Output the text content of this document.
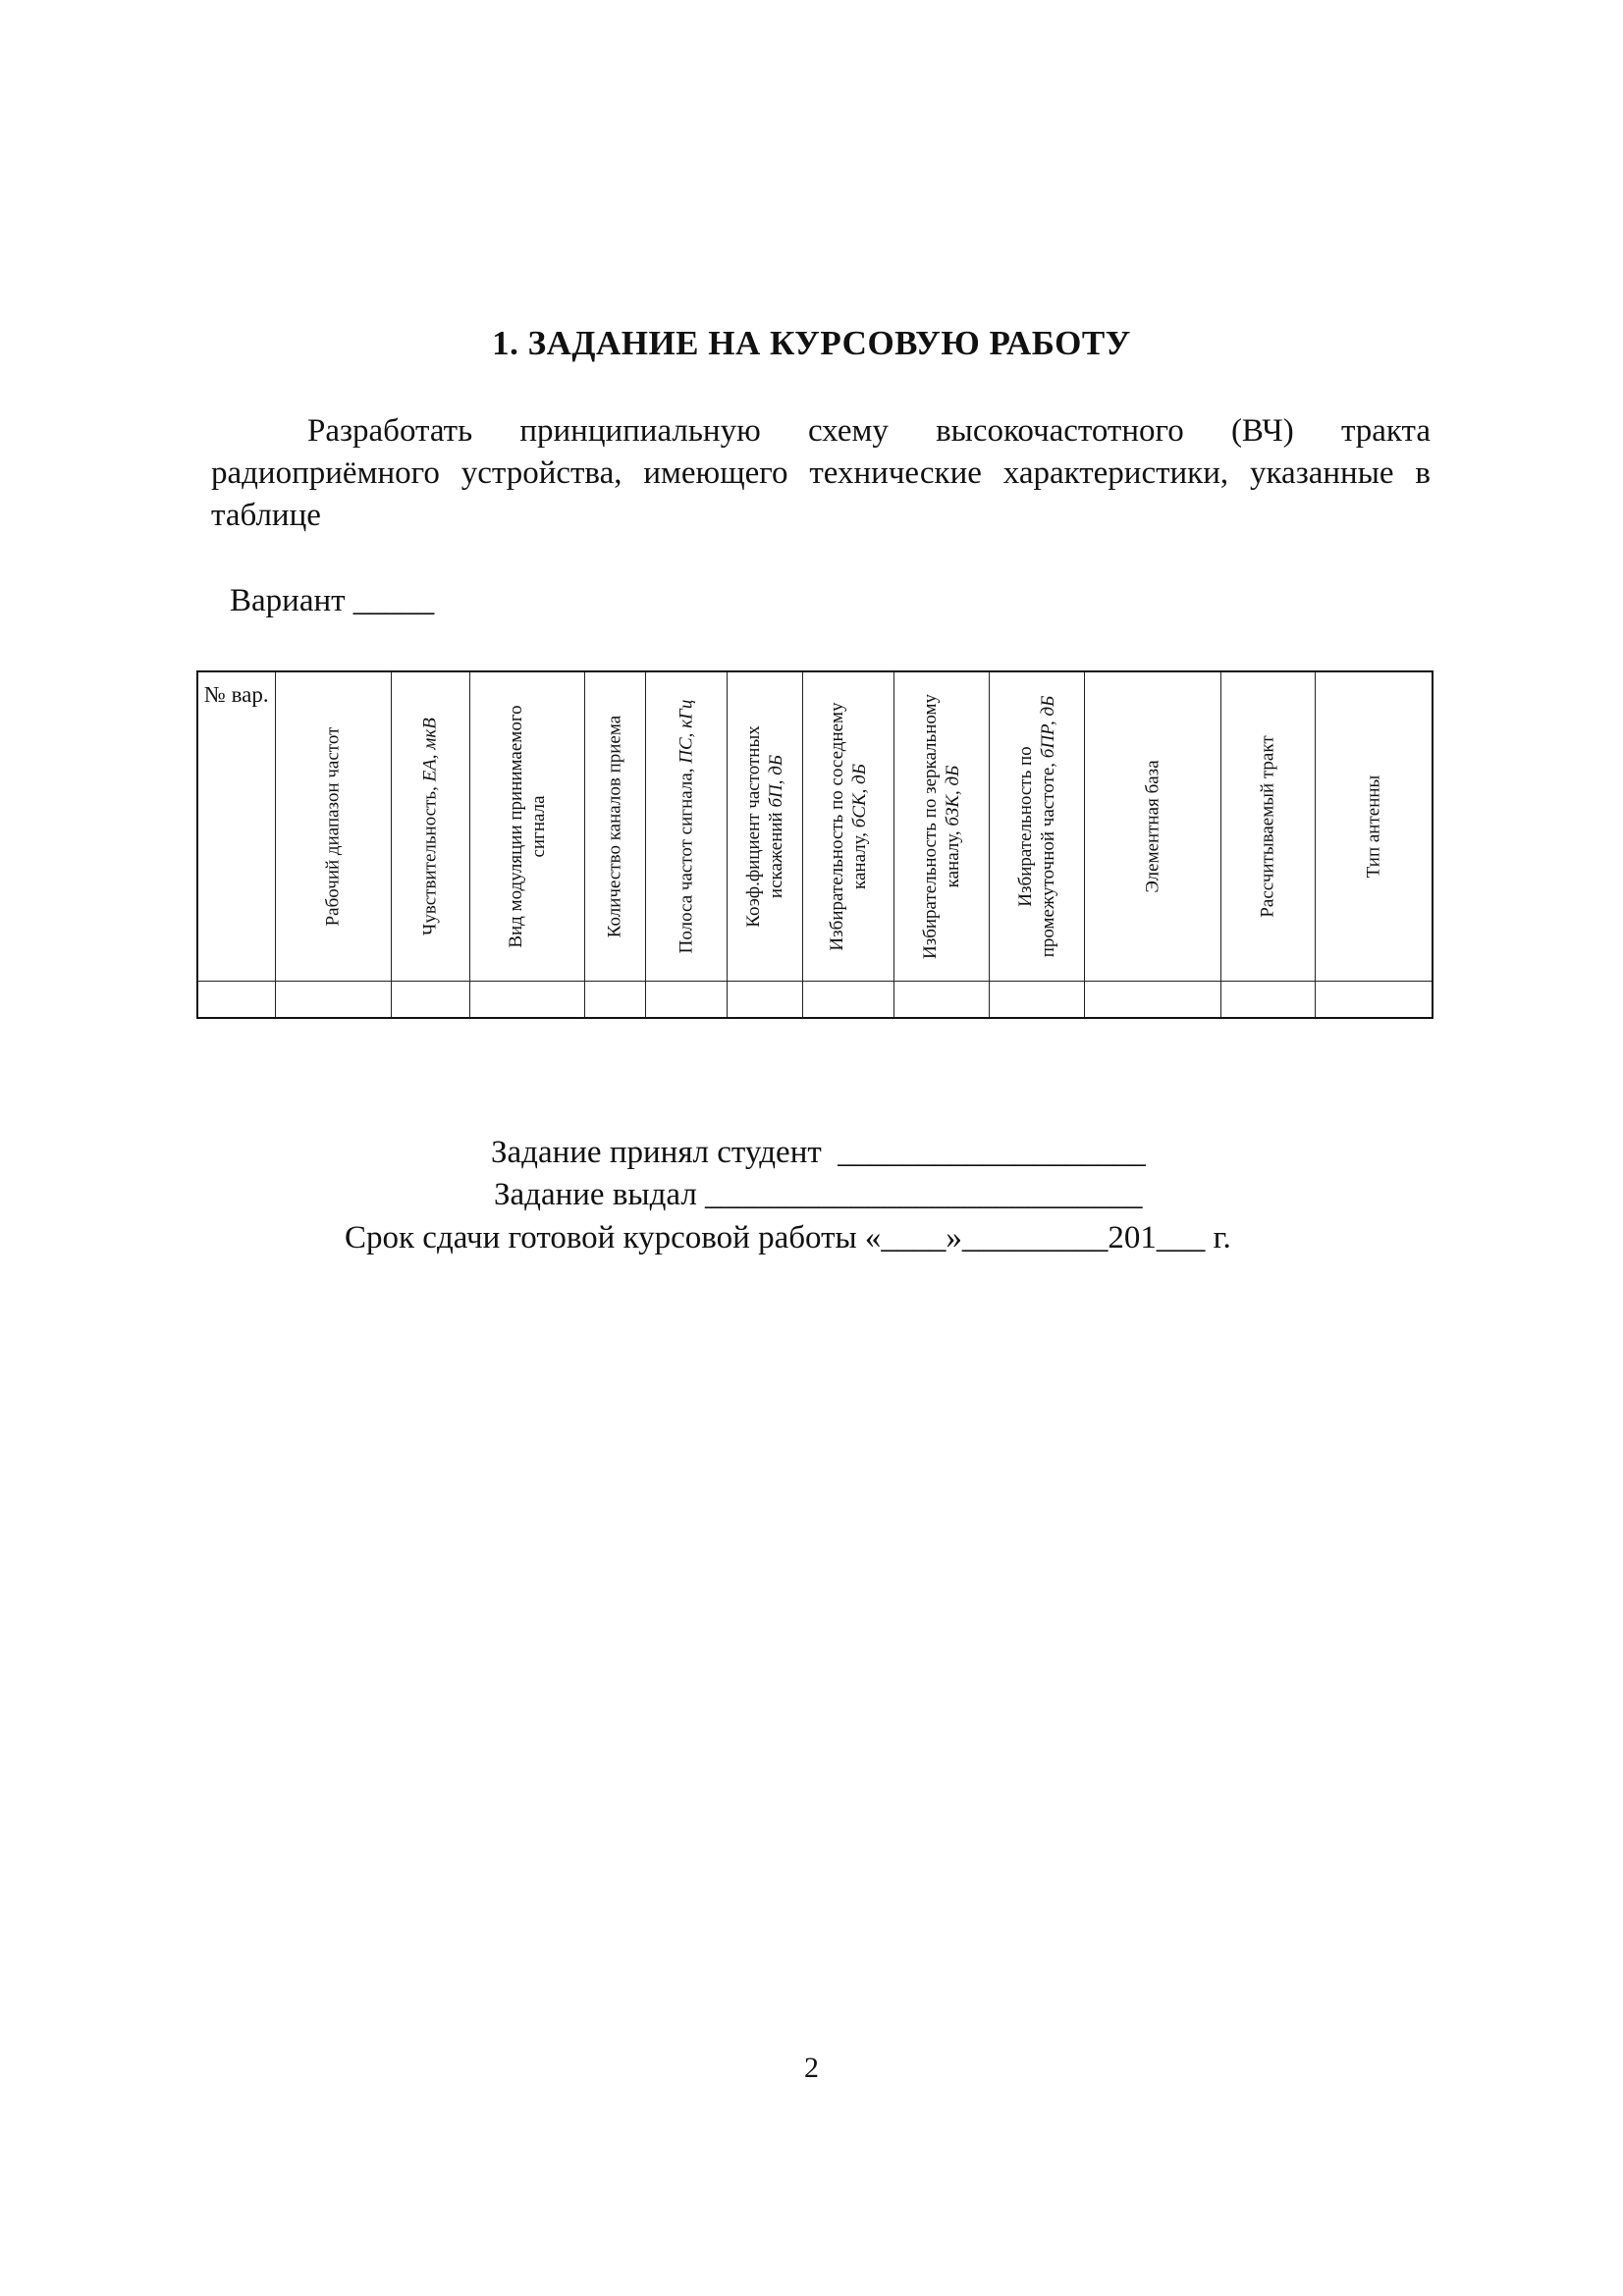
1. ЗАДАНИЕ НА КУРСОВУЮ РАБОТУ
Разработать принципиальную схему высокочастотного (ВЧ) тракта радиоприёмного устройства, имеющего технические характеристики, указанные в таблице
Вариант _____
№ вар.	Рабочий диапазон частот	Чувствительность, EА, мкВ	Вид модуляции принимаемого сигнала	Количество каналов приема	Полоса частот сигнала, ПС, кГц	Коэф.фициент частотных искажений бП, дБ	Избирательность по соседнему каналу, бСК, дБ	Избирательность по зеркальному каналу, бЗК, дБ	Избирательность по промежуточной частоте, бПР, дБ	Элементная база	Рассчитываемый тракт	Тип антенны

Задание принял студент  ___________________
Задание выдал ___________________________
Срок сдачи готовой курсовой работы «____»_________201___ г.
2
